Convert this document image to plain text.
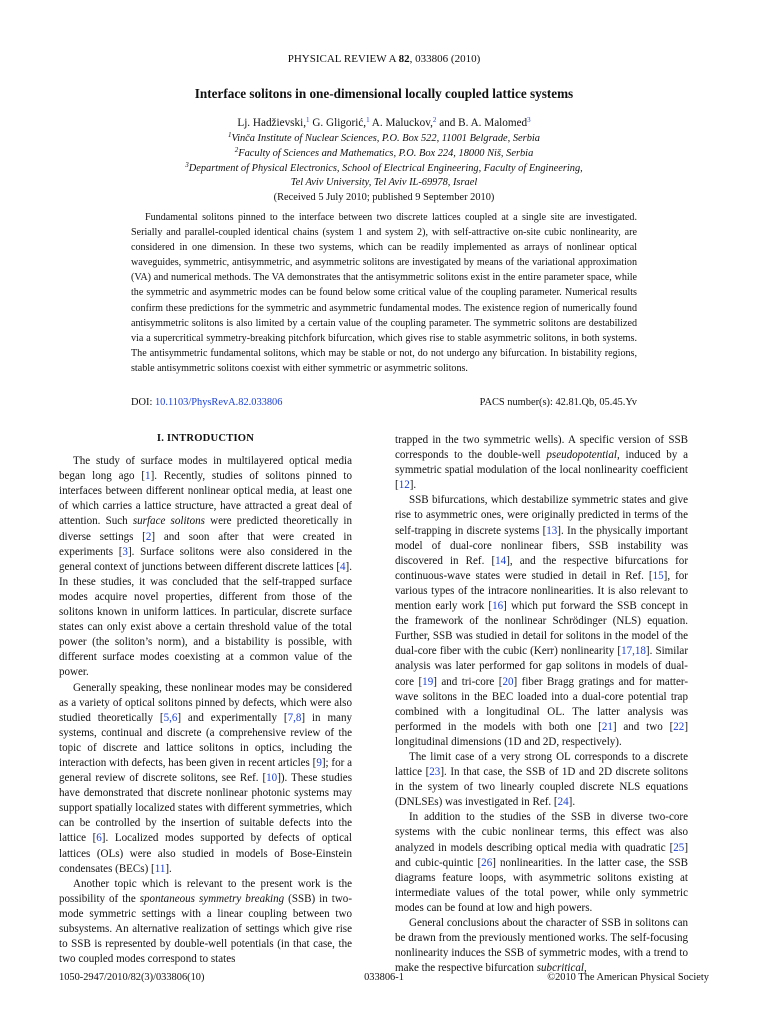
PHYSICAL REVIEW A 82, 033806 (2010)
Interface solitons in one-dimensional locally coupled lattice systems
Lj. Hadžievski,$^1$ G. Gligorić,$^1$ A. Maluckov,$^2$ and B. A. Malomed$^3$
$^1$Vinča Institute of Nuclear Sciences, P.O. Box 522, 11001 Belgrade, Serbia
$^2$Faculty of Sciences and Mathematics, P.O. Box 224, 18000 Niš, Serbia
$^3$Department of Physical Electronics, School of Electrical Engineering, Faculty of Engineering,
Tel Aviv University, Tel Aviv IL-69978, Israel
(Received 5 July 2010; published 9 September 2010)
Fundamental solitons pinned to the interface between two discrete lattices coupled at a single site are investigated. Serially and parallel-coupled identical chains (system 1 and system 2), with self-attractive on-site cubic nonlinearity, are considered in one dimension. In these two systems, which can be readily implemented as arrays of nonlinear optical waveguides, symmetric, antisymmetric, and asymmetric solitons are investigated by means of the variational approximation (VA) and numerical methods. The VA demonstrates that the antisymmetric solitons exist in the entire parameter space, while the symmetric and asymmetric modes can be found below some critical value of the coupling parameter. Numerical results confirm these predictions for the symmetric and asymmetric fundamental modes. The existence region of numerically found antisymmetric solitons is also limited by a certain value of the coupling parameter. The symmetric solitons are destabilized via a supercritical symmetry-breaking pitchfork bifurcation, which gives rise to stable asymmetric solitons, in both systems. The antisymmetric fundamental solitons, which may be stable or not, do not undergo any bifurcation. In bistability regions, stable antisymmetric solitons coexist with either symmetric or asymmetric solitons.
DOI: 10.1103/PhysRevA.82.033806	PACS number(s): 42.81.Qb, 05.45.Yv
I. INTRODUCTION

The study of surface modes in multilayered optical media began long ago [1]. Recently, studies of solitons pinned to interfaces between different nonlinear optical media, at least one of which carries a lattice structure, have attracted a great deal of attention. Such surface solitons were predicted theoretically in diverse settings [2] and soon after that were created in experiments [3]. Surface solitons were also considered in the general context of junctions between different discrete lattices [4]. In these studies, it was concluded that the self-trapped surface modes acquire novel properties, different from those of the solitons known in uniform lattices. In particular, discrete surface states can only exist above a certain threshold value of the total power (the soliton’s norm), and a bistability is possible, with different surface modes coexisting at a common value of the power.

Generally speaking, these nonlinear modes may be considered as a variety of optical solitons pinned by defects, which were also studied theoretically [5,6] and experimentally [7,8] in many systems, continual and discrete (a comprehensive review of the topic of discrete and lattice solitons in optics, including the interaction with defects, has been given in recent articles [9]; for a general review of discrete solitons, see Ref. [10]). These studies have demonstrated that discrete nonlinear photonic systems may support spatially localized states with different symmetries, which can be controlled by the insertion of suitable defects into the lattice [6]. Localized modes supported by defects of optical lattices (OLs) were also studied in models of Bose-Einstein condensates (BECs) [11].

Another topic which is relevant to the present work is the possibility of the spontaneous symmetry breaking (SSB) in two-mode symmetric settings with a linear coupling between two subsystems. An alternative realization of settings which give rise to SSB is represented by double-well potentials (in that case, the two coupled modes correspond to states

trapped in the two symmetric wells). A specific version of SSB corresponds to the double-well pseudopotential, induced by a symmetric spatial modulation of the local nonlinearity coefficient [12].

SSB bifurcations, which destabilize symmetric states and give rise to asymmetric ones, were originally predicted in terms of the self-trapping in discrete systems [13]. In the physically important model of dual-core nonlinear fibers, SSB instability was discovered in Ref. [14], and the respective bifurcations for continuous-wave states were studied in detail in Ref. [15], for various types of the intracore nonlinearities. It is also relevant to mention early work [16] which put forward the SSB concept in the framework of the nonlinear Schrödinger (NLS) equation. Further, SSB was studied in detail for solitons in the model of the dual-core fiber with the cubic (Kerr) nonlinearity [17,18]. Similar analysis was later performed for gap solitons in models of dual-core [19] and tri-core [20] fiber Bragg gratings and for matter-wave solitons in the BEC loaded into a dual-core potential trap combined with a longitudinal OL. The latter analysis was performed in the models with both one [21] and two [22] longitudinal dimensions (1D and 2D, respectively).

The limit case of a very strong OL corresponds to a discrete lattice [23]. In that case, the SSB of 1D and 2D discrete solitons in the system of two linearly coupled discrete NLS equations (DNLSEs) was investigated in Ref. [24].

In addition to the studies of the SSB in diverse two-core systems with the cubic nonlinear terms, this effect was also analyzed in models describing optical media with quadratic [25] and cubic-quintic [26] nonlinearities. In the latter case, the SSB diagrams feature loops, with asymmetric solitons existing at intermediate values of the total power, while only symmetric modes can be found at low and high powers.

General conclusions about the character of SSB in solitons can be drawn from the previously mentioned works. The self-focusing nonlinearity induces the SSB of symmetric modes, with a trend to make the respective bifurcation subcritical,

1050-2947/2010/82(3)/033806(10)	033806-1	©2010 The American Physical Society
